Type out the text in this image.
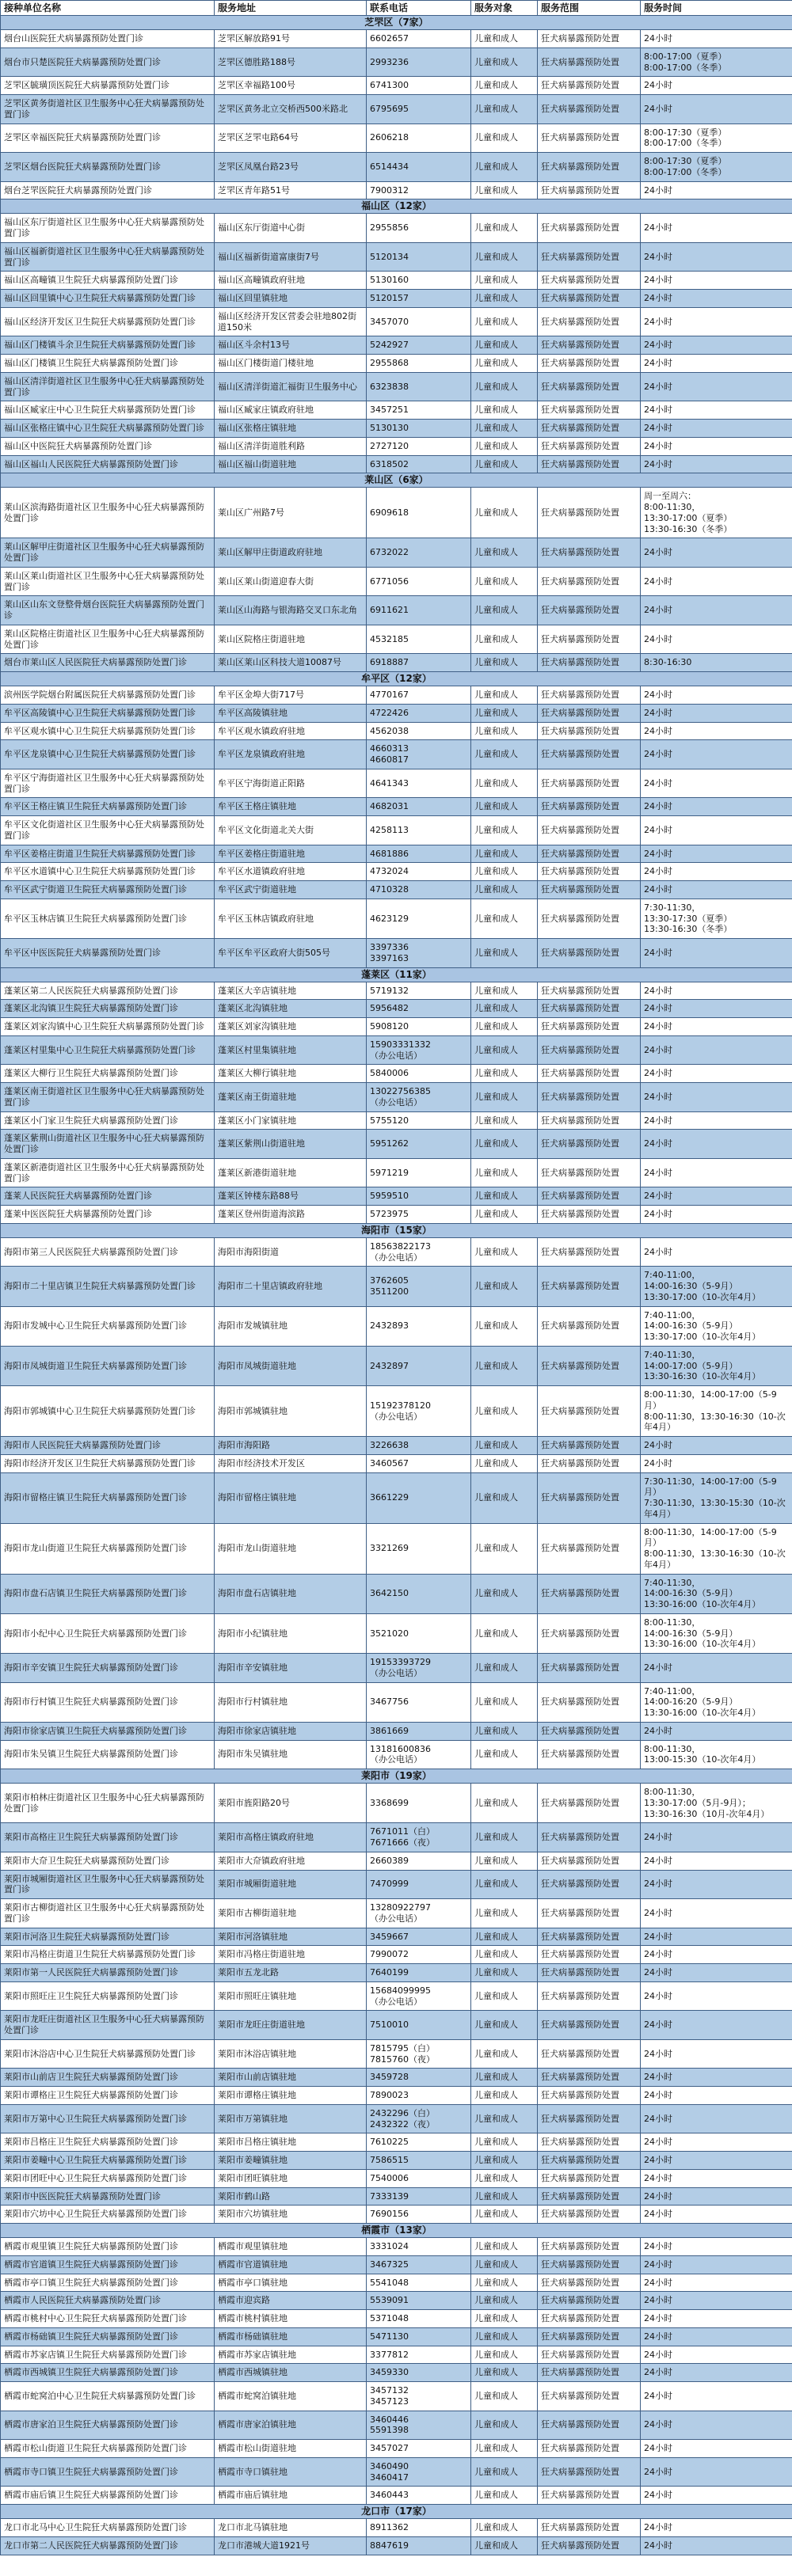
接种单位名称	服务地址	联系电话	服务对象	服务范围	服务时间
芝罘区（7家）					
烟台山医院狂犬病暴露预防处置门诊	芝罘区解放路91号	6602657	儿童和成人	狂犬病暴露预防处置	24小时
烟台市只楚医院狂犬病暴露预防处置门诊	芝罘区德胜路188号	2993236	儿童和成人	狂犬病暴露预防处置	8:00-17:00（夏季）
8:00-17:00（冬季）
芝罘区毓璜顶医院狂犬病暴露预防处置门诊	芝罘区幸福路100号	6741300	儿童和成人	狂犬病暴露预防处置	24小时
芝罘区黄务街道社区卫生服务中心狂犬病暴露预防处置门诊	芝罘区黄务北立交桥西500米路北	6795695	儿童和成人	狂犬病暴露预防处置	24小时
芝罘区幸福医院狂犬病暴露预防处置门诊	芝罘区芝罘屯路64号	2606218	儿童和成人	狂犬病暴露预防处置	8:00-17:30（夏季）
8:00-17:00（冬季）
芝罘区烟台医院狂犬病暴露预防处置门诊	芝罘区凤凰台路23号	6514434	儿童和成人	狂犬病暴露预防处置	8:00-17:30（夏季）
8:00-17:00（冬季）
烟台芝罘医院狂犬病暴露预防处置门诊	芝罘区青年路51号	7900312	儿童和成人	狂犬病暴露预防处置	24小时
福山区（12家）					
福山区东厅街道社区卫生服务中心狂犬病暴露预防处置门诊	福山区东厅街道中心街	2955856	儿童和成人	狂犬病暴露预防处置	24小时
福山区福新街道社区卫生服务中心狂犬病暴露预防处置门诊	福山区福新街道富康街7号	5120134	儿童和成人	狂犬病暴露预防处置	24小时
福山区高疃镇卫生院狂犬病暴露预防处置门诊	福山区高疃镇政府驻地	5130160	儿童和成人	狂犬病暴露预防处置	24小时
福山区回里镇中心卫生院狂犬病暴露预防处置门诊	福山区回里镇驻地	5120157	儿童和成人	狂犬病暴露预防处置	24小时
福山区经济开发区卫生院狂犬病暴露预防处置门诊	福山区经济开发区营委会驻地802街道150米	3457070	儿童和成人	狂犬病暴露预防处置	24小时
福山区门楼镇斗余卫生院狂犬病暴露预防处置门诊	福山区斗余村13号	5242927	儿童和成人	狂犬病暴露预防处置	24小时
福山区门楼镇卫生院狂犬病暴露预防处置门诊	福山区门楼街道门楼驻地	2955868	儿童和成人	狂犬病暴露预防处置	24小时
福山区清洋街道社区卫生服务中心狂犬病暴露预防处置门诊	福山区清洋街道汇福街卫生服务中心	6323838	儿童和成人	狂犬病暴露预防处置	24小时
福山区臧家庄中心卫生院狂犬病暴露预防处置门诊	福山区臧家庄镇政府驻地	3457251	儿童和成人	狂犬病暴露预防处置	24小时
福山区张格庄镇中心卫生院狂犬病暴露预防处置门诊	福山区张格庄镇驻地	5130130	儿童和成人	狂犬病暴露预防处置	24小时
福山区中医院狂犬病暴露预防处置门诊	福山区清洋街道胜利路	2727120	儿童和成人	狂犬病暴露预防处置	24小时
福山区福山人民医院狂犬病暴露预防处置门诊	福山区福山街道驻地	6318502	儿童和成人	狂犬病暴露预防处置	24小时
莱山区（6家）					
莱山区滨海路街道社区卫生服务中心狂犬病暴露预防处置门诊	莱山区广州路7号	6909618	儿童和成人	狂犬病暴露预防处置	周一至周六：
8:00-11:30，
13:30-17:00（夏季）
13:30-16:30（冬季）
莱山区解甲庄街道社区卫生服务中心狂犬病暴露预防处置门诊	莱山区解甲庄街道政府驻地	6732022	儿童和成人	狂犬病暴露预防处置	24小时
莱山区莱山街道社区卫生服务中心狂犬病暴露预防处置门诊	莱山区莱山街道迎春大街	6771056	儿童和成人	狂犬病暴露预防处置	24小时
莱山区山东文登整骨烟台医院狂犬病暴露预防处置门诊	莱山区山海路与银海路交叉口东北角	6911621	儿童和成人	狂犬病暴露预防处置	24小时
莱山区院格庄街道社区卫生服务中心狂犬病暴露预防处置门诊	莱山区院格庄街道驻地	4532185	儿童和成人	狂犬病暴露预防处置	24小时
烟台市莱山区人民医院狂犬病暴露预防处置门诊	莱山区莱山区科技大道10087号	6918887	儿童和成人	狂犬病暴露预防处置	8:30-16:30
牟平区（12家）					
滨州医学院烟台附属医院狂犬病暴露预防处置门诊	牟平区金埠大街717号	4770167	儿童和成人	狂犬病暴露预防处置	24小时
牟平区高陵镇中心卫生院狂犬病暴露预防处置门诊	牟平区高陵镇驻地	4722426	儿童和成人	狂犬病暴露预防处置	24小时
牟平区观水镇中心卫生院狂犬病暴露预防处置门诊	牟平区观水镇政府驻地	4562038	儿童和成人	狂犬病暴露预防处置	24小时
牟平区龙泉镇中心卫生院狂犬病暴露预防处置门诊	牟平区龙泉镇政府驻地	4660313
4660817	儿童和成人	狂犬病暴露预防处置	24小时
牟平区宁海街道社区卫生服务中心狂犬病暴露预防处置门诊	牟平区宁海街道正阳路	4641343	儿童和成人	狂犬病暴露预防处置	24小时
牟平区王格庄镇卫生院狂犬病暴露预防处置门诊	牟平区王格庄镇驻地	4682031	儿童和成人	狂犬病暴露预防处置	24小时
牟平区文化街道社区卫生服务中心狂犬病暴露预防处置门诊	牟平区文化街道北关大街	4258113	儿童和成人	狂犬病暴露预防处置	24小时
牟平区姜格庄街道卫生院狂犬病暴露预防处置门诊	牟平区姜格庄街道驻地	4681886	儿童和成人	狂犬病暴露预防处置	24小时
牟平区水道镇中心卫生院狂犬病暴露预防处置门诊	牟平区水道镇政府驻地	4732024	儿童和成人	狂犬病暴露预防处置	24小时
牟平区武宁街道卫生院狂犬病暴露预防处置门诊	牟平区武宁街道驻地	4710328	儿童和成人	狂犬病暴露预防处置	24小时
牟平区玉林店镇卫生院狂犬病暴露预防处置门诊	牟平区玉林店镇政府驻地	4623129	儿童和成人	狂犬病暴露预防处置	7:30-11:30，
13:30-17:30（夏季）
13:30-16:30（冬季）
牟平区中医医院狂犬病暴露预防处置门诊	牟平区牟平区政府大街505号	3397336
3397163	儿童和成人	狂犬病暴露预防处置	24小时
蓬莱区（11家）					
蓬莱区第二人民医院狂犬病暴露预防处置门诊	蓬莱区大辛店镇驻地	5719132	儿童和成人	狂犬病暴露预防处置	24小时
蓬莱区北沟镇卫生院狂犬病暴露预防处置门诊	蓬莱区北沟镇驻地	5956482	儿童和成人	狂犬病暴露预防处置	24小时
蓬莱区刘家沟镇中心卫生院狂犬病暴露预防处置门诊	蓬莱区刘家沟镇驻地	5908120	儿童和成人	狂犬病暴露预防处置	24小时
蓬莱区村里集中心卫生院狂犬病暴露预防处置门诊	蓬莱区村里集镇驻地	15903331332
（办公电话）	儿童和成人	狂犬病暴露预防处置	24小时
蓬莱区大柳行卫生院狂犬病暴露预防处置门诊	蓬莱区大柳行镇驻地	5840006	儿童和成人	狂犬病暴露预防处置	24小时
蓬莱区南王街道社区卫生服务中心狂犬病暴露预防处置门诊	蓬莱区南王街道驻地	13022756385
（办公电话）	儿童和成人	狂犬病暴露预防处置	24小时
蓬莱区小门家卫生院狂犬病暴露预防处置门诊	蓬莱区小门家镇驻地	5755120	儿童和成人	狂犬病暴露预防处置	24小时
蓬莱区紫荆山街道社区卫生服务中心狂犬病暴露预防处置门诊	蓬莱区紫荆山街道驻地	5951262	儿童和成人	狂犬病暴露预防处置	24小时
蓬莱区新港街道社区卫生服务中心狂犬病暴露预防处置门诊	蓬莱区新港街道驻地	5971219	儿童和成人	狂犬病暴露预防处置	24小时
蓬莱人民医院狂犬病暴露预防处置门诊	蓬莱区钟楼东路88号	5959510	儿童和成人	狂犬病暴露预防处置	24小时
蓬莱中医医院狂犬病暴露预防处置门诊	蓬莱区登州街道海滨路	5723975	儿童和成人	狂犬病暴露预防处置	24小时
海阳市（15家）					
海阳市第三人民医院狂犬病暴露预防处置门诊	海阳市海阳街道	18563822173
（办公电话）	儿童和成人	狂犬病暴露预防处置	24小时
海阳市二十里店镇卫生院狂犬病暴露预防处置门诊	海阳市二十里店镇政府驻地	3762605
3511200	儿童和成人	狂犬病暴露预防处置	7:40-11:00，
14:00-16:30（5-9月）
13:30-17:00（10-次年4月）
海阳市发城中心卫生院狂犬病暴露预防处置门诊	海阳市发城镇驻地	2432893	儿童和成人	狂犬病暴露预防处置	7:40-11:00，
14:00-16:30（5-9月）
13:30-17:00（10-次年4月）
海阳市凤城街道卫生院狂犬病暴露预防处置门诊	海阳市凤城街道驻地	2432897	儿童和成人	狂犬病暴露预防处置	7:40-11:30，
14:00-17:00（5-9月）
13:30-16:30（10-次年4月）
海阳市郭城镇中心卫生院狂犬病暴露预防处置门诊	海阳市郭城镇驻地	15192378120
（办公电话）	儿童和成人	狂犬病暴露预防处置	8:00-11:30，14:00-17:00（5-9月）
8:00-11:30，13:30-16:30（10-次年4月）
海阳市人民医院狂犬病暴露预防处置门诊	海阳市海阳路	3226638	儿童和成人	狂犬病暴露预防处置	24小时
海阳市经济开发区卫生院狂犬病暴露预防处置门诊	海阳市经济技术开发区	3460567	儿童和成人	狂犬病暴露预防处置	24小时
海阳市留格庄镇卫生院狂犬病暴露预防处置门诊	海阳市留格庄镇驻地	3661229	儿童和成人	狂犬病暴露预防处置	7:30-11:30，14:00-17:00（5-9月）
7:30-11:30，13:30-15:30（10-次年4月）
海阳市龙山街道卫生院狂犬病暴露预防处置门诊	海阳市龙山街道驻地	3321269	儿童和成人	狂犬病暴露预防处置	8:00-11:30，14:00-17:00（5-9月）
8:00-11:30，13:30-16:30（10-次年4月）
海阳市盘石店镇卫生院狂犬病暴露预防处置门诊	海阳市盘石店镇驻地	3642150	儿童和成人	狂犬病暴露预防处置	7:40-11:30，
14:00-16:30（5-9月）
13:30-16:00（10-次年4月）
海阳市小纪中心卫生院狂犬病暴露预防处置门诊	海阳市小纪镇驻地	3521020	儿童和成人	狂犬病暴露预防处置	8:00-11:30，
14:00-16:30（5-9月）
13:30-16:00（10-次年4月）
海阳市辛安镇卫生院狂犬病暴露预防处置门诊	海阳市辛安镇驻地	19153393729
（办公电话）	儿童和成人	狂犬病暴露预防处置	24小时
海阳市行村镇卫生院狂犬病暴露预防处置门诊	海阳市行村镇驻地	3467756	儿童和成人	狂犬病暴露预防处置	7:40-11:00，
14:00-16:20（5-9月）
13:30-16:00（10-次年4月）
海阳市徐家店镇卫生院狂犬病暴露预防处置门诊	海阳市徐家店镇驻地	3861669	儿童和成人	狂犬病暴露预防处置	24小时
海阳市朱吴镇卫生院狂犬病暴露预防处置门诊	海阳市朱吴镇驻地	13181600836
（办公电话）	儿童和成人	狂犬病暴露预防处置	8:00-11:30，
13:00-15:30（10-次年4月）
莱阳市（19家）					
莱阳市柏林庄街道社区卫生服务中心狂犬病暴露预防处置门诊	莱阳市旌阳路20号	3368699	儿童和成人	狂犬病暴露预防处置	8:00-11:30，
13:30-17:00（5月-9月）；
13:30-16:30（10月-次年4月）
莱阳市高格庄卫生院狂犬病暴露预防处置门诊	莱阳市高格庄镇政府驻地	7671011（白）
7671666（夜）	儿童和成人	狂犬病暴露预防处置	24小时
莱阳市大夼卫生院狂犬病暴露预防处置门诊	莱阳市大夼镇政府驻地	2660389	儿童和成人	狂犬病暴露预防处置	24小时
莱阳市城厢街道社区卫生服务中心狂犬病暴露预防处置门诊	莱阳市城厢街道驻地	7470999	儿童和成人	狂犬病暴露预防处置	24小时
莱阳市古柳街道社区卫生服务中心狂犬病暴露预防处置门诊	莱阳市古柳街道驻地	13280922797
（办公电话）	儿童和成人	狂犬病暴露预防处置	24小时
莱阳市河洛卫生院狂犬病暴露预防处置门诊	莱阳市河洛镇驻地	3459667	儿童和成人	狂犬病暴露预防处置	24小时
莱阳市冯格庄街道卫生院狂犬病暴露预防处置门诊	莱阳市冯格庄街道驻地	7990072	儿童和成人	狂犬病暴露预防处置	24小时
莱阳市第一人民医院狂犬病暴露预防处置门诊	莱阳市五龙北路	7640199	儿童和成人	狂犬病暴露预防处置	24小时
莱阳市照旺庄卫生院狂犬病暴露预防处置门诊	莱阳市照旺庄镇驻地	15684099995
（办公电话）	儿童和成人	狂犬病暴露预防处置	24小时
莱阳市龙旺庄街道社区卫生服务中心狂犬病暴露预防处置门诊	莱阳市龙旺庄街道驻地	7510010	儿童和成人	狂犬病暴露预防处置	24小时
莱阳市沐浴店中心卫生院狂犬病暴露预防处置门诊	莱阳市沐浴店镇驻地	7815795（白）
7815760（夜）	儿童和成人	狂犬病暴露预防处置	24小时
莱阳市山前店卫生院狂犬病暴露预防处置门诊	莱阳市山前店镇驻地	3459728	儿童和成人	狂犬病暴露预防处置	24小时
莱阳市谭格庄卫生院狂犬病暴露预防处置门诊	莱阳市谭格庄镇驻地	7890023	儿童和成人	狂犬病暴露预防处置	24小时
莱阳市万第中心卫生院狂犬病暴露预防处置门诊	莱阳市万第镇驻地	2432296（白）
2432322（夜）	儿童和成人	狂犬病暴露预防处置	24小时
莱阳市吕格庄卫生院狂犬病暴露预防处置门诊	莱阳市吕格庄镇驻地	7610225	儿童和成人	狂犬病暴露预防处置	24小时
莱阳市姜疃中心卫生院狂犬病暴露预防处置门诊	莱阳市姜疃镇驻地	7586515	儿童和成人	狂犬病暴露预防处置	24小时
莱阳市团旺中心卫生院狂犬病暴露预防处置门诊	莱阳市团旺镇驻地	7540006	儿童和成人	狂犬病暴露预防处置	24小时
莱阳市中医医院狂犬病暴露预防处置门诊	莱阳市鹤山路	7333139	儿童和成人	狂犬病暴露预防处置	24小时
莱阳市穴坊中心卫生院狂犬病暴露预防处置门诊	莱阳市穴坊镇驻地	7690156	儿童和成人	狂犬病暴露预防处置	24小时
栖霞市（13家）					
栖霞市观里镇卫生院狂犬病暴露预防处置门诊	栖霞市观里镇驻地	3331024	儿童和成人	狂犬病暴露预防处置	24小时
栖霞市官道镇卫生院狂犬病暴露预防处置门诊	栖霞市官道镇驻地	3467325	儿童和成人	狂犬病暴露预防处置	24小时
栖霞市亭口镇卫生院狂犬病暴露预防处置门诊	栖霞市亭口镇驻地	5541048	儿童和成人	狂犬病暴露预防处置	24小时
栖霞市人民医院狂犬病暴露预防处置门诊	栖霞市迎宾路	5539091	儿童和成人	狂犬病暴露预防处置	24小时
栖霞市桃村中心卫生院狂犬病暴露预防处置门诊	栖霞市桃村镇驻地	5371048	儿童和成人	狂犬病暴露预防处置	24小时
栖霞市杨础镇卫生院狂犬病暴露预防处置门诊	栖霞市杨础镇驻地	5471130	儿童和成人	狂犬病暴露预防处置	24小时
栖霞市苏家店镇卫生院狂犬病暴露预防处置门诊	栖霞市苏家店镇驻地	3377812	儿童和成人	狂犬病暴露预防处置	24小时
栖霞市西城镇卫生院狂犬病暴露预防处置门诊	栖霞市西城镇驻地	3459330	儿童和成人	狂犬病暴露预防处置	24小时
栖霞市蛇窝泊中心卫生院狂犬病暴露预防处置门诊	栖霞市蛇窝泊镇驻地	3457132
3457123	儿童和成人	狂犬病暴露预防处置	24小时
栖霞市唐家泊卫生院狂犬病暴露预防处置门诊	栖霞市唐家泊镇驻地	3460446
5591398	儿童和成人	狂犬病暴露预防处置	24小时
栖霞市松山街道卫生院狂犬病暴露预防处置门诊	栖霞市松山街道驻地	3457027	儿童和成人	狂犬病暴露预防处置	24小时
栖霞市寺口镇卫生院狂犬病暴露预防处置门诊	栖霞市寺口镇驻地	3460490
3460417	儿童和成人	狂犬病暴露预防处置	24小时
栖霞市庙后镇卫生院狂犬病暴露预防处置门诊	栖霞市庙后镇驻地	3460443	儿童和成人	狂犬病暴露预防处置	24小时
龙口市（17家）					
龙口市北马中心卫生院狂犬病暴露预防处置门诊	龙口市北马镇驻地	8911362	儿童和成人	狂犬病暴露预防处置	24小时
龙口市第二人民医院狂犬病暴露预防处置门诊	龙口市港城大道1921号	8847619	儿童和成人	狂犬病暴露预防处置	24小时
